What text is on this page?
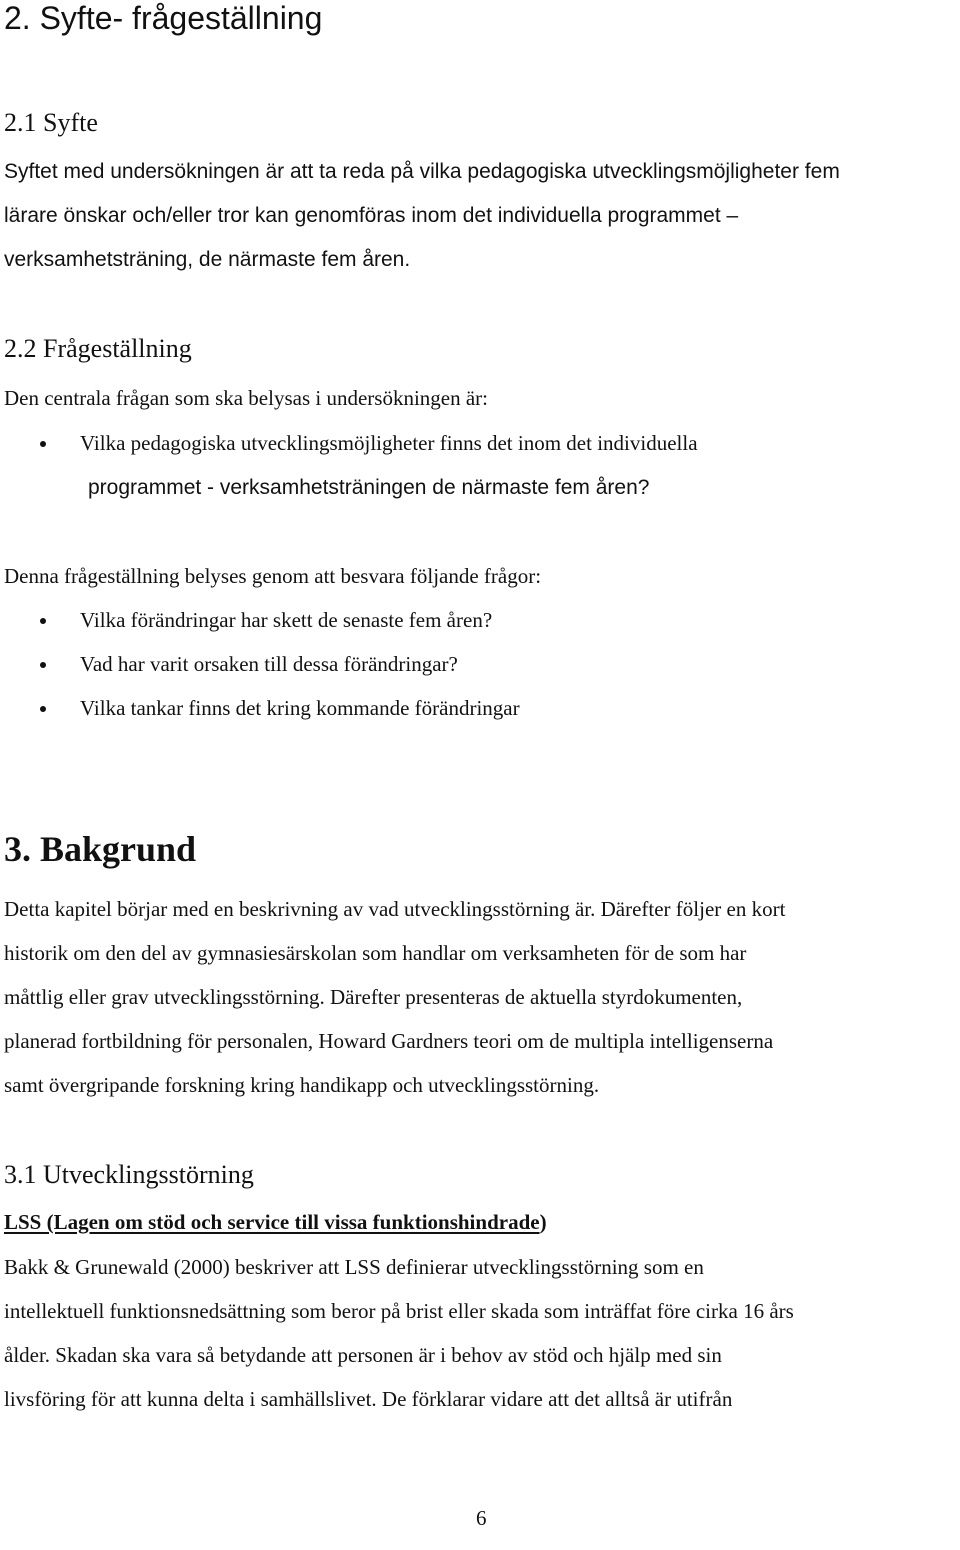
2. Syfte- frågeställning
2.1 Syfte
Syftet med undersökningen är att ta reda på vilka pedagogiska utvecklingsmöjligheter fem
lärare önskar och/eller tror kan genomföras inom det individuella programmet –
verksamhetsträning, de närmaste fem åren.
2.2 Frågeställning
Den centrala frågan som ska belysas i undersökningen är:
Vilka pedagogiska utvecklingsmöjligheter finns det inom det individuella
programmet - verksamhetsträningen de närmaste fem åren?
Denna frågeställning belyses genom att besvara följande frågor:
Vilka förändringar har skett de senaste fem åren?
Vad har varit orsaken till dessa förändringar?
Vilka tankar finns det kring kommande förändringar
3. Bakgrund
Detta kapitel börjar med en beskrivning av vad utvecklingsstörning är. Därefter följer en kort
historik om den del av gymnasiesärskolan som handlar om verksamheten för de som har
måttlig eller grav utvecklingsstörning. Därefter presenteras de aktuella styrdokumenten,
planerad fortbildning för personalen, Howard Gardners teori om de multipla intelligenserna
samt övergripande forskning kring handikapp och utvecklingsstörning.
3.1 Utvecklingsstörning
LSS (Lagen om stöd och service till vissa funktionshindrade)
Bakk & Grunewald (2000) beskriver att LSS definierar utvecklingsstörning som en
intellektuell funktionsnedsättning som beror på brist eller skada som inträffat före cirka 16 års
ålder. Skadan ska vara så betydande att personen är i behov av stöd och hjälp med sin
livsföring för att kunna delta i samhällslivet. De förklarar vidare att det alltså är utifrån
6
